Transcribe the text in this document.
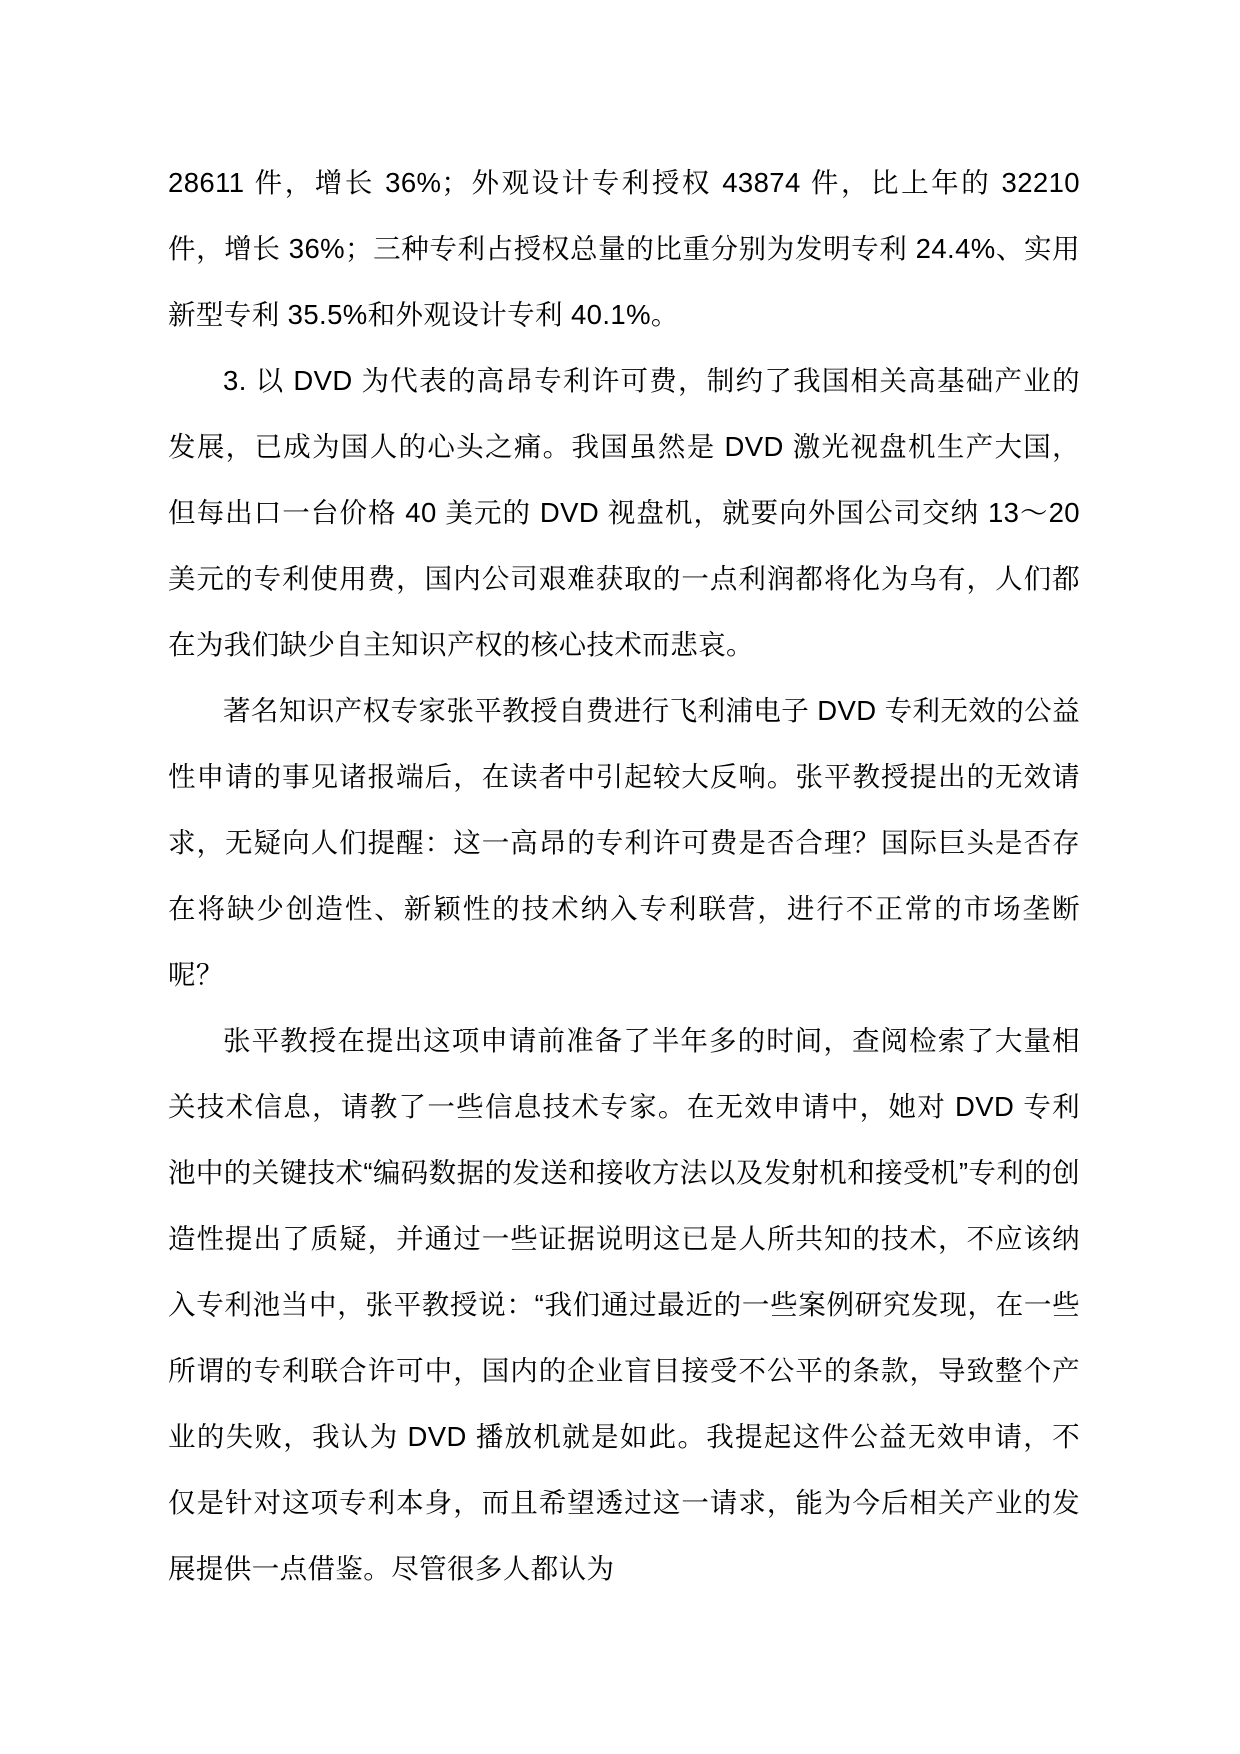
28611 件，增长 36%；外观设计专利授权 43874 件，比上年的 32210 件，增长 36%；三种专利占授权总量的比重分别为发明专利 24.4%、实用新型专利 35.5%和外观设计专利 40.1%。

3. 以 DVD 为代表的高昂专利许可费，制约了我国相关高基础产业的发展，已成为国人的心头之痛。我国虽然是 DVD 激光视盘机生产大国，但每出口一台价格 40 美元的 DVD 视盘机，就要向外国公司交纳 13～20 美元的专利使用费，国内公司艰难获取的一点利润都将化为乌有，人们都在为我们缺少自主知识产权的核心技术而悲哀。

著名知识产权专家张平教授自费进行飞利浦电子 DVD 专利无效的公益性申请的事见诸报端后，在读者中引起较大反响。张平教授提出的无效请求，无疑向人们提醒：这一高昂的专利许可费是否合理？国际巨头是否存在将缺少创造性、新颖性的技术纳入专利联营，进行不正常的市场垄断呢？

张平教授在提出这项申请前准备了半年多的时间，查阅检索了大量相关技术信息，请教了一些信息技术专家。在无效申请中，她对 DVD 专利池中的关键技术“编码数据的发送和接收方法以及发射机和接受机”专利的创造性提出了质疑，并通过一些证据说明这已是人所共知的技术，不应该纳入专利池当中，张平教授说：“我们通过最近的一些案例研究发现，在一些所谓的专利联合许可中，国内的企业盲目接受不公平的条款，导致整个产业的失败，我认为 DVD 播放机就是如此。我提起这件公益无效申请，不仅是针对这项专利本身，而且希望透过这一请求，能为今后相关产业的发展提供一点借鉴。尽管很多人都认为
